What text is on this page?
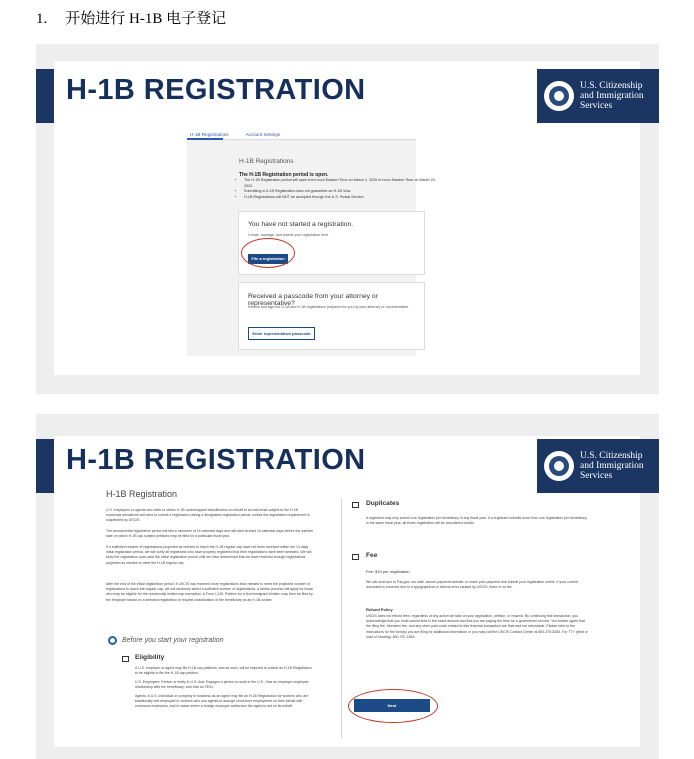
1. 开始进行 H-1B 电子登记
H-1B REGISTRATION	U.S. Citizenship
and Immigration
Services
H-1B Registrations	Account Settings
H-1B Registrations
The H-1B Registration period is open.
• The H-1B Registration period will open from noon Eastern Time on March 1, 2020 to noon Eastern Time on March 20, 2020.
• Submitting a H-1B Registration does not guarantee an H-1B Visa.
• H-1B Registrations will NOT be accepted through the U.S. Postal Service.
You have not started a registration.
Create, manage, and submit your registration here.
File a registration
Received a passcode from your attorney or representative?
Review and sign the G-28 and H-1B registrations prepared for you by your attorney or representative.
Enter representative passcode
H-1B REGISTRATION	U.S. Citizenship
and Immigration
Services
H-1B Registration

U.S. employers or agents who seek to obtain H-1B nonimmigrant classification on behalf of an individual subject to the H-1B numerical allocations will need to submit a registration during a designated registration period, unless the registration requirement is suspended by USCIS.

The annual initial registration period will last a minimum of 14 calendar days and will start at least 14 calendar days before the earliest date on which H-1B cap subject petitions may be filed for a particular fiscal year.

If a sufficient number of registrations projected as needed to reach the H-1B regular cap have not been received within the 14 days initial registration period, we will notify all registrants who have properly registered that their registrations have been selected. We will keep the registration open past the initial registration period until we have determined that we have received enough registrations projected as needed to meet the H-1B regular cap.

After the end of the initial registration period, if USCIS has received more registrations than needed to meet the projected number of registrations to reach the regular cap, we will randomly select a sufficient number of registrations. A similar process will apply for those who may be eligible for the numerically limited cap exemption. A Form I-129, Petition for a Nonimmigrant Worker, may then be filed by the employer based on a selected registration to request classification of the beneficiary as an H-1B worker.

Before you start your registration
Eligibility

A U.S. employer or agent may file H-1B cap petitions, and as such, will be required to submit an H-1B Registration to be eligible to file the H-1B cap petition.

U.S. Employers: Person or entity in U.S. that: Engages a person to work in the U.S.; Has an employer-employee relationship with the beneficiary; and Has an FEIN.

Agents: A U.S. individual or company in business as an agent may file an H-1B Registration for workers who are traditionally self-employed or workers who use agents to arrange short-term employment on their behalf with numerous employers, and in cases where a foreign employer authorizes the agent to act on its behalf.

Duplicates

A registrant may only submit one registration per beneficiary in any fiscal year. If a registrant submits more than one registration per beneficiary in the same fiscal year, all those registration will be considered invalid.

Fee
Fee: $10 per registration

We will send you to Pay.gov, our safe, secure payment website, to make your payment and submit your registration online. If your current document is incorrect due to a typographical or clerical error caused by USCIS, there is no fee.

Refund Policy

USCIS does not refund fees, regardless of any action we take on your application, petition, or request. By continuing this transaction, you acknowledge that you must submit fees in the exact amount and that you are paying the fees for a government service. You further agree that the filing fee, biometric fee, and any other paid costs related to this financial transaction are final and not refundable. Please refer to the Instructions for the form(s) you are filing for additional information or you may call the USCIS Contact Center at 800-375-5283. For TTY (deaf or hard of hearing): 800-767-1833.

Next
